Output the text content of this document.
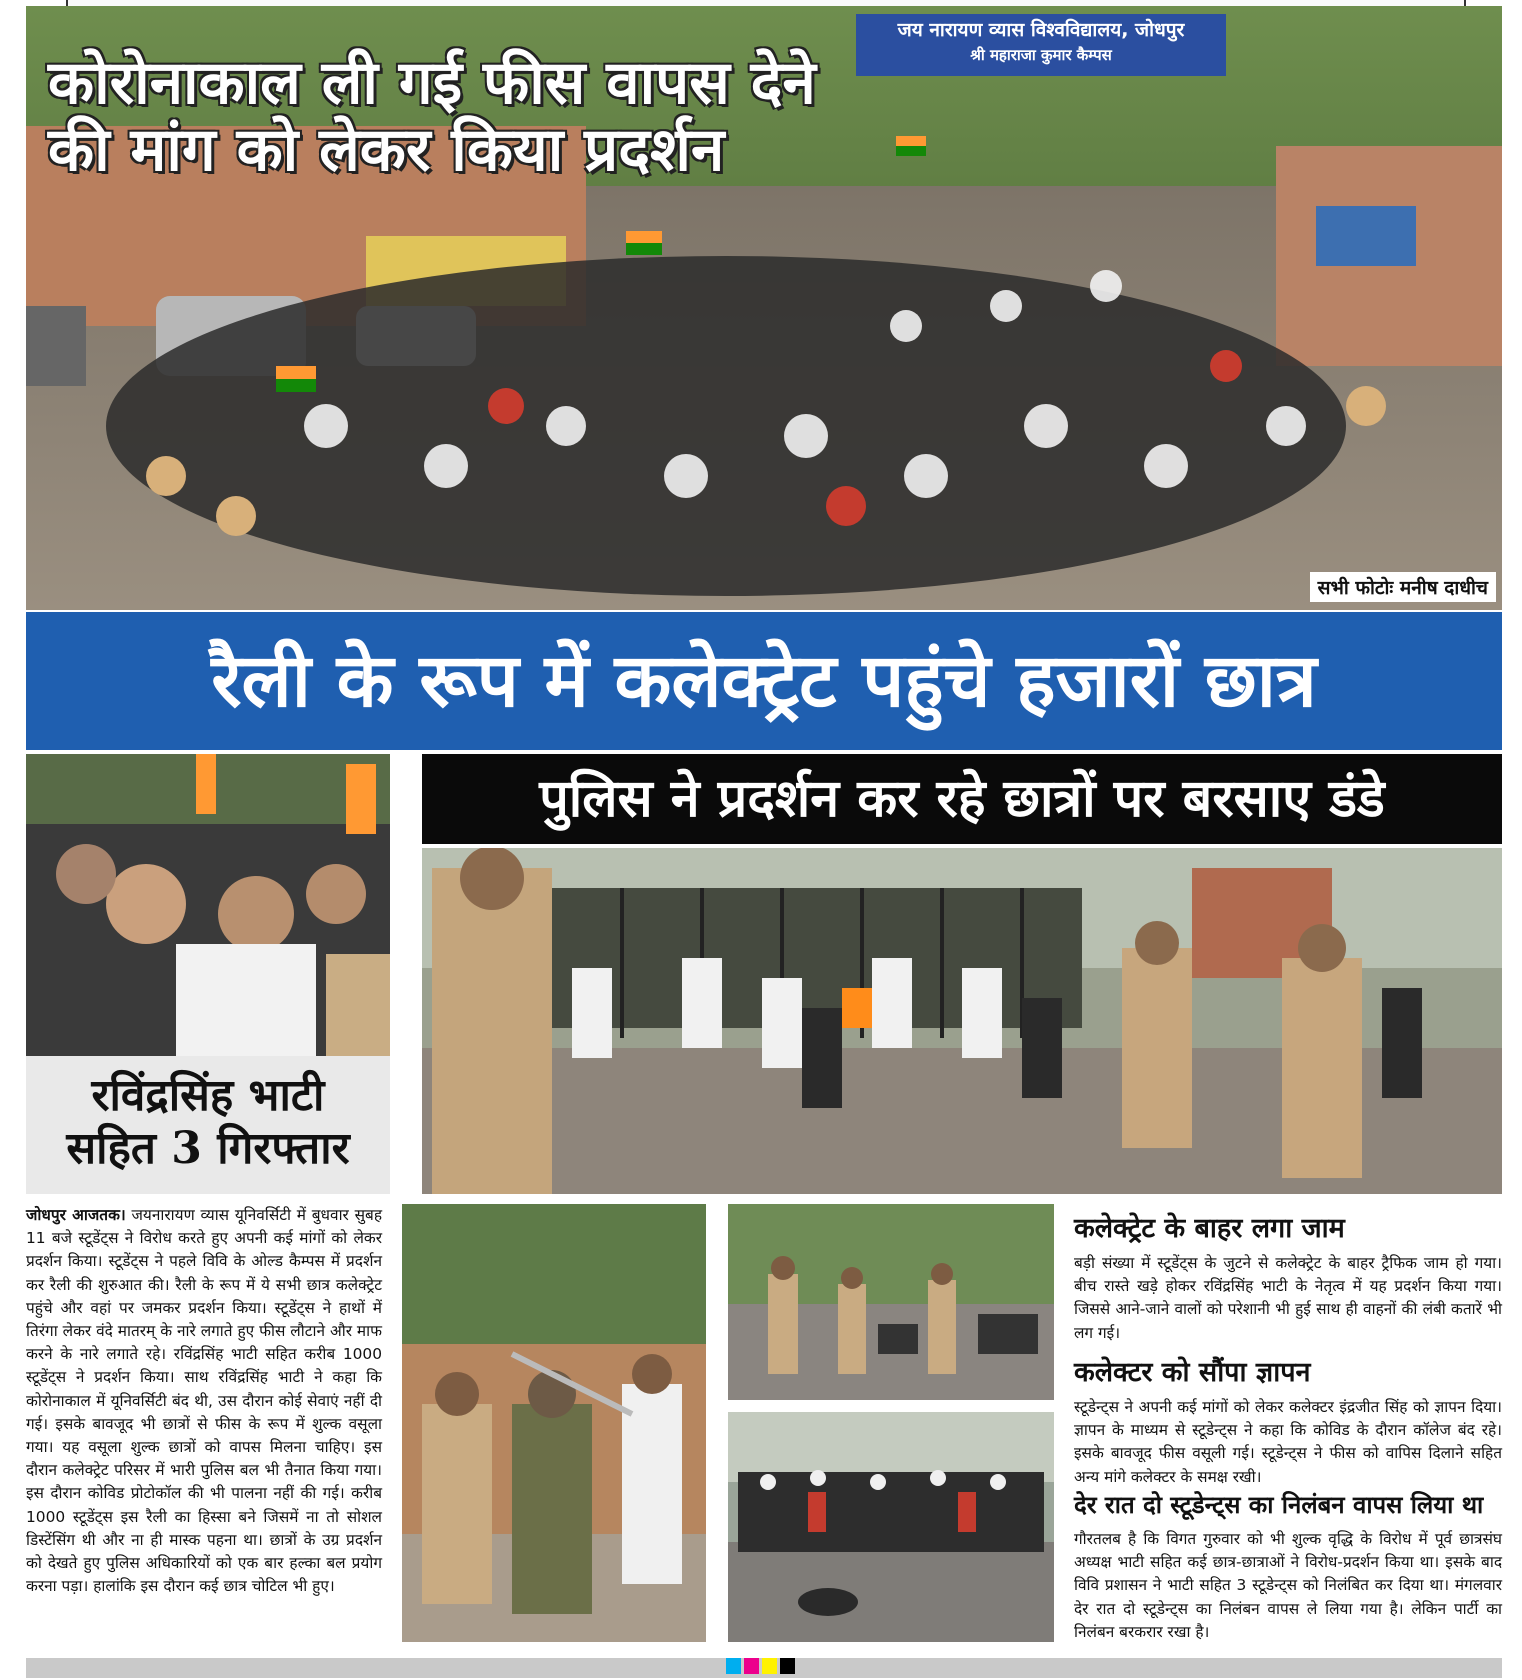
जय नारायण व्यास विश्वविद्यालय, जोधपुर
श्री महाराजा कुमार कैम्पस
कोरोनाकाल ली गई फीस वापस देने
की मांग को लेकर किया प्रदर्शन
सभी फोटोः मनीष दाधीच
रैली के रूप में कलेक्ट्रेट पहुंचे हजारों छात्र
रविंद्रसिंह भाटी
सहित 3 गिरफ्तार
पुलिस ने प्रदर्शन कर रहे छात्रों पर बरसाए डंडे
जोधपुर आजतक। जयनारायण व्यास यूनिवर्सिटी में बुधवार सुबह 11 बजे स्टूडेंट्स ने विरोध करते हुए अपनी कई मांगों को लेकर प्रदर्शन किया। स्टूडेंट्स ने पहले विवि के ओल्ड कैम्पस में प्रदर्शन कर रैली की शुरुआत की। रैली के रूप में ये सभी छात्र कलेक्ट्रेट पहुंचे और वहां पर जमकर प्रदर्शन किया। स्टूडेंट्स ने हाथों में तिरंगा लेकर वंदे मातरम् के नारे लगाते हुए फीस लौटाने और माफ करने के नारे लगाते रहे। रविंद्रसिंह भाटी सहित करीब 1000 स्टूडेंट्स ने प्रदर्शन किया। साथ रविंद्रसिंह भाटी ने कहा कि कोरोनाकाल में यूनिवर्सिटी बंद थी, उस दौरान कोई सेवाएं नहीं दी गई। इसके बावजूद भी छात्रों से फीस के रूप में शुल्क वसूला गया। यह वसूला शुल्क छात्रों को वापस मिलना चाहिए। इस दौरान कलेक्ट्रेट परिसर में भारी पुलिस बल भी तैनात किया गया। इस दौरान कोविड प्रोटोकॉल की भी पालना नहीं की गई। करीब 1000 स्टूडेंट्स इस रैली का हिस्सा बने जिसमें ना तो सोशल डिस्टेंसिंग थी और ना ही मास्क पहना था। छात्रों के उग्र प्रदर्शन को देखते हुए पुलिस अधिकारियों को एक बार हल्का बल प्रयोग करना पड़ा। हालांकि इस दौरान कई छात्र चोटिल भी हुए।
कलेक्ट्रेट के बाहर लगा जाम
बड़ी संख्या में स्टूडेंट्स के जुटने से कलेक्ट्रेट के बाहर ट्रैफिक जाम हो गया। बीच रास्ते खड़े होकर रविंद्रसिंह भाटी के नेतृत्व में यह प्रदर्शन किया गया। जिससे आने-जाने वालों को परेशानी भी हुई साथ ही वाहनों की लंबी कतारें भी लग गई।
कलेक्टर को सौंपा ज्ञापन
स्टूडेन्ट्स ने अपनी कई मांगों को लेकर कलेक्टर इंद्रजीत सिंह को ज्ञापन दिया। ज्ञापन के माध्यम से स्टूडेन्ट्स ने कहा कि कोविड के दौरान कॉलेज बंद रहे। इसके बावजूद फीस वसूली गई। स्टूडेन्ट्स ने फीस को वापिस दिलाने सहित अन्य मांगे कलेक्टर के समक्ष रखी।
देर रात दो स्टूडेन्ट्स का निलंबन वापस लिया था
गौरतलब है कि विगत गुरुवार को भी शुल्क वृद्धि के विरोध में पूर्व छात्रसंघ अध्यक्ष भाटी सहित कई छात्र-छात्राओं ने विरोध-प्रदर्शन किया था। इसके बाद विवि प्रशासन ने भाटी सहित 3 स्टूडेन्ट्स को निलंबित कर दिया था। मंगलवार देर रात दो स्टूडेन्ट्स का निलंबन वापस ले लिया गया है। लेकिन पार्टी का निलंबन बरकरार रखा है।
